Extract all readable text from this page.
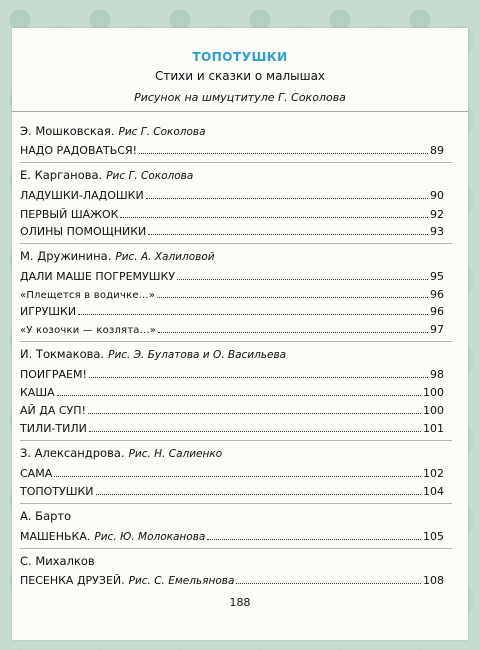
ТОПОТУШКИ
Стихи и сказки о малышах
Рисунок на шмуцтитуле Г. Соколова
Э. Мошковская. Рис Г. Соколова
НАДО РАДОВАТЬСЯ!	89
Е. Карганова. Рис Г. Соколова
ЛАДУШКИ-ЛАДОШКИ	90
ПЕРВЫЙ ШАЖОК	92
ОЛИНЫ ПОМОЩНИКИ	93
М. Дружинина. Рис. А. Халиловой
ДАЛИ МАШЕ ПОГРЕМУШКУ	95
«Плещется в водичке...»	96
ИГРУШКИ	96
«У козочки — козлята...»	97
И. Токмакова. Рис. Э. Булатова и О. Васильева
ПОИГРАЕМ!	98
КАША	100
АЙ ДА СУП!	100
ТИЛИ-ТИЛИ	101
З. Александрова. Рис. Н. Салиенко
САМА	102
ТОПОТУШКИ	104
А. Барто
МАШЕНЬКА. Рис. Ю. Молоканова	105
С. Михалков
ПЕСЕНКА ДРУЗЕЙ. Рис. С. Емельянова	108
188
